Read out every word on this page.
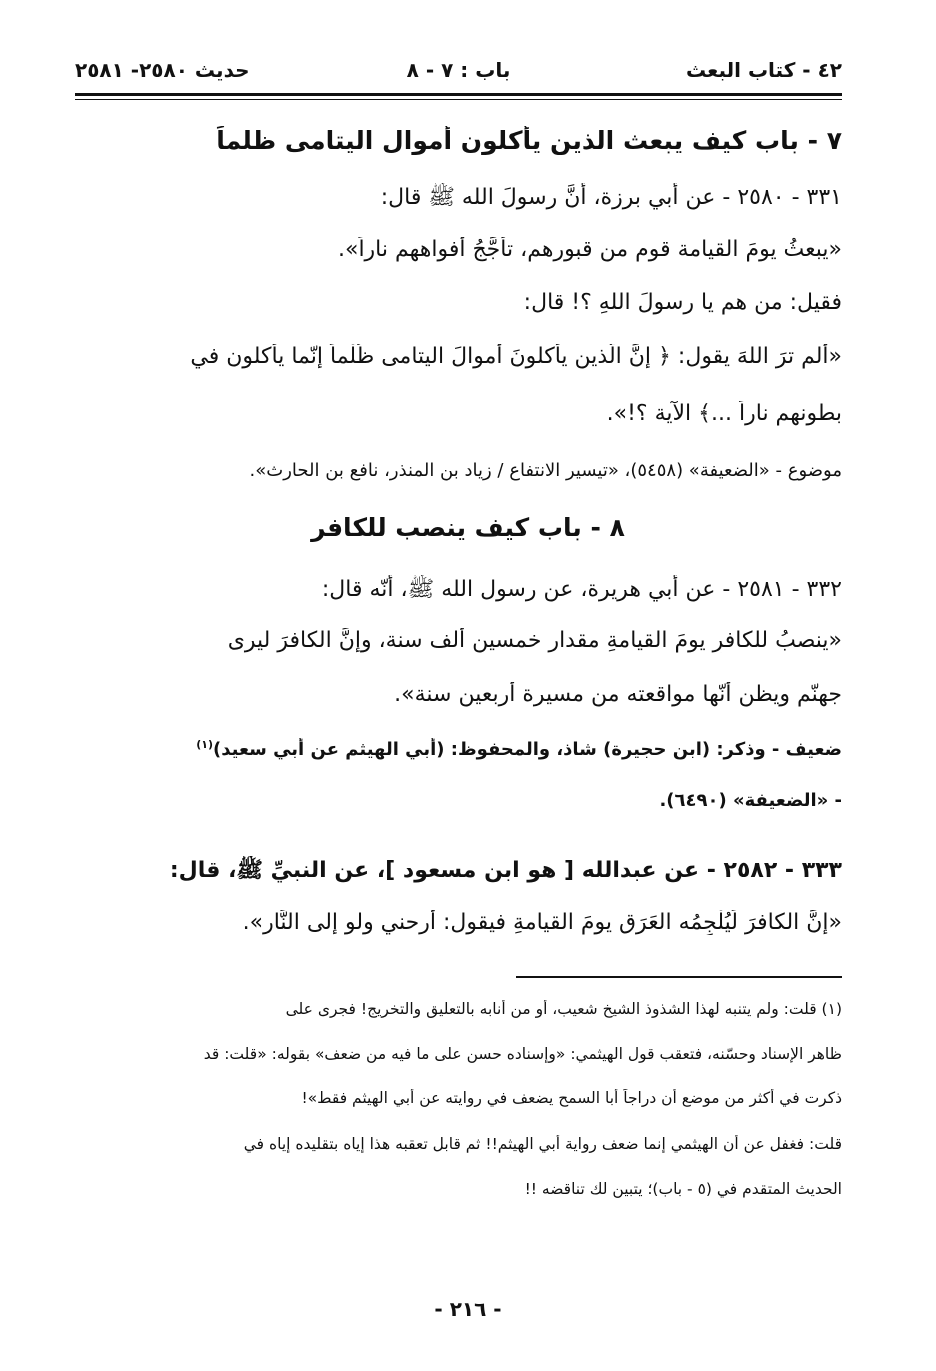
٤٢ - كتاب البعث
باب : ٧ - ٨
حديث ٢٥٨٠- ٢٥٨١
٧ - باب كيف يبعث الذين يأكلون أموال اليتامى ظلماً
٣٣١ - ٢٥٨٠ - عن أَبي برزة، أنَّ رسولَ الله ﷺ قال:
«يبعثُ يومَ القيامة قوم من قبورِهم، تأجَّجُ أَفواههم ناراً».
فقيل: من هم يا رسولَ اللهِ ؟! قال:
«أَلم ترَ اللهَ يقول: ﴿ إنَّ الّذين يأكلونَ أَموالَ اليتامى ظُلْماً إنّما يأكلون في
بطونهم ناراً ...﴾ الآية ؟!».
موضوع - «الضعيفة» (٥٤٥٨)، «تيسير الانتفاع / زياد بن المنذر، نافع بن الحارث».
٨ - باب كيف ينصب للكافر
٣٣٢ - ٢٥٨١ - عن أَبي هريرة، عن رسول الله ﷺ، أنّه قال:
«ينصبُ للكافرِ يومَ القيامةِ مقدار خمسين أَلف سنة، وإنَّ الكافرَ ليرى
جهنّم ويظن أنّها مواقعته من مسيرة أَربعين سنة».
ضعيف - وذكر: (ابن حجيرة) شاذ، والمحفوظ: (أبي الهيثم عن أبي سعيد)$^{(١)}$
- «الضعيفة» (٦٤٩٠).
٣٣٣ - ٢٥٨٢ - عن عبدالله [ هو ابن مسعود ]، عن النبيِّ ﷺ، قال:
«إنَّ الكافرَ لَيُلْجِمُه العَرَق يومَ القيامةِ فيقول: أَرحني ولو إِلى النَّار».
(١) قلت: ولم يتنبه لهذا الشذوذ الشيخ شعيب، أو من أنابه بالتعليق والتخريج! فجرى على
ظاهر الإسناد وحسّنه، فتعقب قول الهيثمي: «وإسناده حسن على ما فيه من ضعف» بقوله: «قلت: قد
ذكرت في أكثر من موضع أن دراجاً أبا السمح يضعف في روايته عن أبي الهيثم فقط»!
قلت: فغفل عن أن الهيثمي إنما ضعف رواية أبي الهيثم!! ثم قابل تعقبه هذا إياه بتقليده إياه في
الحديث المتقدم في (٥ - باب)؛ يتبين لك تناقضه !!
- ٢١٦ -
